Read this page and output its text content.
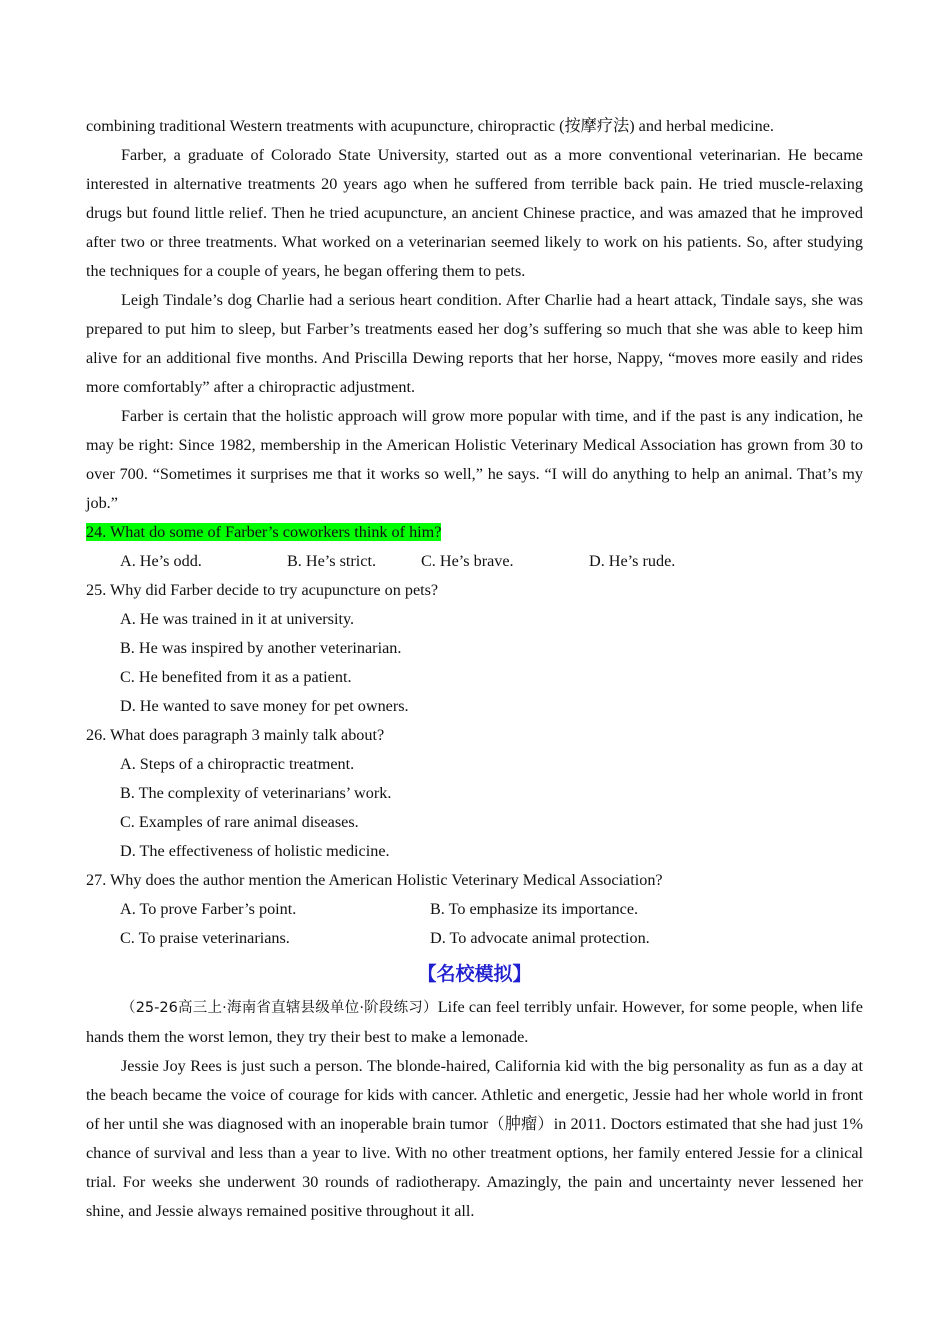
combining traditional Western treatments with acupuncture, chiropractic (按摩疗法) and herbal medicine.

Farber, a graduate of Colorado State University, started out as a more conventional veterinarian. He became interested in alternative treatments 20 years ago when he suffered from terrible back pain. He tried muscle-relaxing drugs but found little relief. Then he tried acupuncture, an ancient Chinese practice, and was amazed that he improved after two or three treatments. What worked on a veterinarian seemed likely to work on his patients. So, after studying the techniques for a couple of years, he began offering them to pets.

Leigh Tindale’s dog Charlie had a serious heart condition. After Charlie had a heart attack, Tindale says, she was prepared to put him to sleep, but Farber’s treatments eased her dog’s suffering so much that she was able to keep him alive for an additional five months. And Priscilla Dewing reports that her horse, Nappy, “moves more easily and rides more comfortably” after a chiropractic adjustment.

Farber is certain that the holistic approach will grow more popular with time, and if the past is any indication, he may be right: Since 1982, membership in the American Holistic Veterinary Medical Association has grown from 30 to over 700. “Sometimes it surprises me that it works so well,” he says. “I will do anything to help an animal. That’s my job.”

24. What do some of Farber’s coworkers think of him?

A. He’s odd.	B. He’s strict.	C. He’s brave.	D. He’s rude.

25. Why did Farber decide to try acupuncture on pets?

A. He was trained in it at university.

B. He was inspired by another veterinarian.

C. He benefited from it as a patient.

D. He wanted to save money for pet owners.

26. What does paragraph 3 mainly talk about?

A. Steps of a chiropractic treatment.

B. The complexity of veterinarians’ work.

C. Examples of rare animal diseases.

D. The effectiveness of holistic medicine.

27. Why does the author mention the American Holistic Veterinary Medical Association?

A. To prove Farber’s point.	B. To emphasize its importance.
C. To praise veterinarians.	D. To advocate animal protection.
【名校模拟】

（25-26高三上·海南省直辖县级单位·阶段练习）Life can feel terribly unfair. However, for some people, when life hands them the worst lemon, they try their best to make a lemonade.

Jessie Joy Rees is just such a person. The blonde-haired, California kid with the big personality as fun as a day at the beach became the voice of courage for kids with cancer. Athletic and energetic, Jessie had her whole world in front of her until she was diagnosed with an inoperable brain tumor（肿瘤）in 2011. Doctors estimated that she had just 1% chance of survival and less than a year to live. With no other treatment options, her family entered Jessie for a clinical trial. For weeks she underwent 30 rounds of radiotherapy. Amazingly, the pain and uncertainty never lessened her shine, and Jessie always remained positive throughout it all.
